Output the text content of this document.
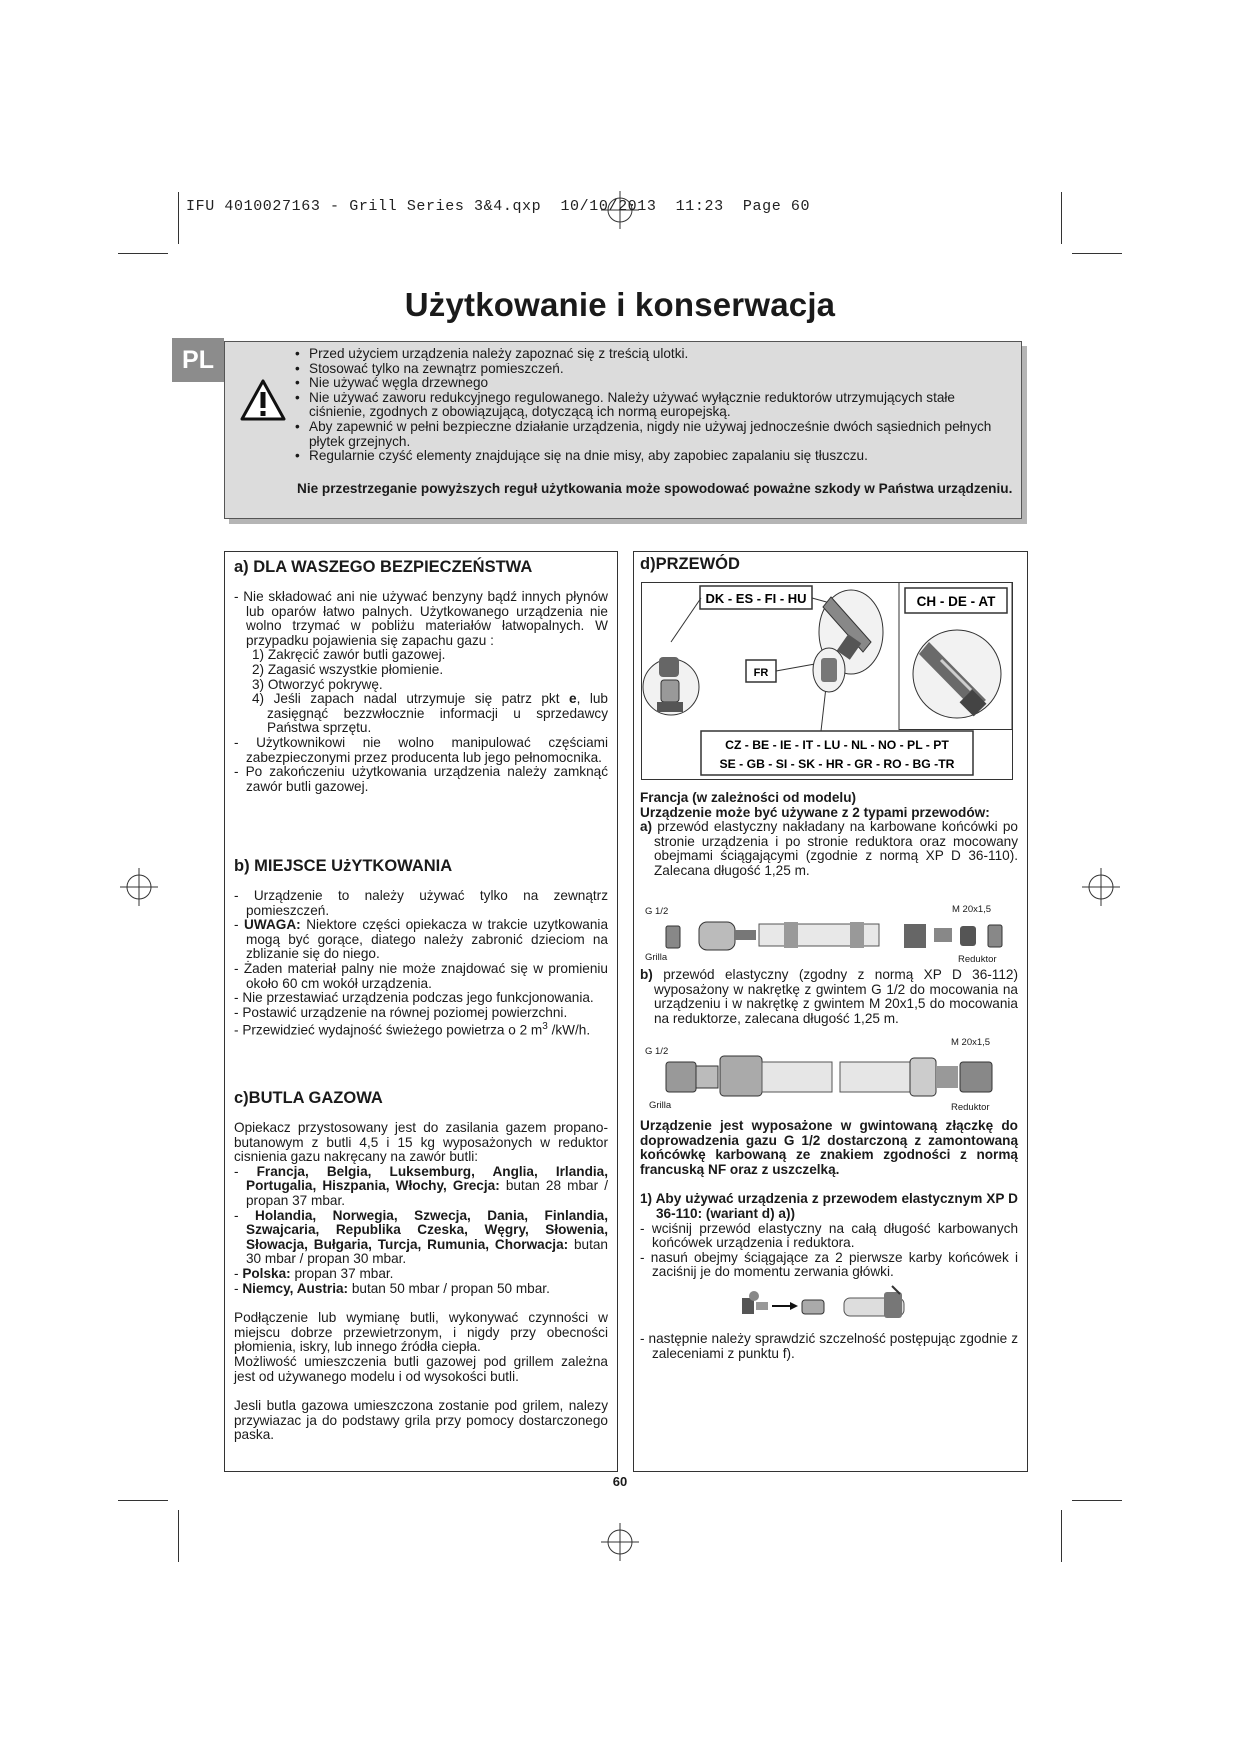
IFU 4010027163 - Grill Series 3&4.qxp  10/10/2013  11:23  Page 60
Użytkowanie i konserwacja
PL
•	Przed użyciem urządzenia należy zapoznać się z treścią ulotki.
• Stosować tylko na zewnątrz pomieszczeń.
• Nie używać węgla drzewnego
• Nie używać zaworu redukcyjnego regulowanego. Należy używać wyłącznie reduktorów utrzymujących stałe ciśnienie, zgodnych z obowiązującą, dotyczącą ich normą europejską.
• Aby zapewnić w pełni bezpieczne działanie urządzenia, nigdy nie używaj jednocześnie dwóch sąsiednich pełnych płytek grzejnych.
• Regularnie czyść elementy znajdujące się na dnie misy, aby zapobiec zapalaniu się tłuszczu.
Nie przestrzeganie powyższych reguł użytkowania może spowodować poważne szkody w Państwa urządzeniu.
a) DLA WASZEGO BEZPIECZEŃSTWA

- Nie składować ani nie używać benzyny bądź innych płynów lub oparów łatwo palnych. Użytkowanego urządzenia nie wolno trzymać w pobliżu materiałów łatwopalnych. W przypadku pojawienia się zapachu gazu :

1) Zakręcić zawór butli gazowej.

2) Zagasić wszystkie płomienie.

3) Otworzyć pokrywę.

4) Jeśli zapach nadal utrzymuje się patrz pkt e, lub zasięgnąć bezzwłocznie informacji u sprzedawcy Państwa sprzętu.

- Użytkownikowi nie wolno manipulować częściami zabezpieczonymi przez producenta lub jego pełnomocnika.

- Po zakończeniu użytkowania urządzenia należy zamknąć zawór butli gazowej.

b) MIEJSCE UżYTKOWANIA

- Urządzenie to należy używać tylko na zewnątrz pomieszczeń.

- UWAGA: Niektore części opiekacza w trakcie uzytkowania mogą być gorące, diatego należy zabronić dzieciom na zblizanie się do niego.

- Żaden materiał palny nie może znajdować się w promieniu około 60 cm wokół urządzenia.

- Nie przestawiać urządzenia podczas jego funkcjonowania.

- Postawić urządzenie na równej poziomej powierzchni.

- Przewidzieć wydajność świeżego powietrza o 2 $m^3$ /kW/h.

c)BUTLA GAZOWA

Opiekacz przystosowany jest do zasilania gazem propano-butanowym z butli 4,5 i 15 kg wyposażonych w reduktor cisnienia gazu nakręcany na zawór butli:

- Francja, Belgia, Luksemburg, Anglia, Irlandia, Portugalia, Hiszpania, Włochy, Grecja: butan 28 mbar / propan 37 mbar.

- Holandia, Norwegia, Szwecja, Dania, Finlandia, Szwajcaria, Republika Czeska, Węgry, Słowenia, Słowacja, Bułgaria, Turcja, Rumunia, Chorwacja: butan 30 mbar / propan 30 mbar.

- Polska: propan 37 mbar.

- Niemcy, Austria: butan 50 mbar / propan 50 mbar.

Podłączenie lub wymianę butli, wykonywać czynności w miejscu dobrze przewietrzonym, i nigdy przy obecności płomienia, iskry, lub innego źródła ciepła.

Możliwość umieszczenia butli gazowej pod grillem zależna jest od używanego modelu i od wysokości butli.

Jesli butla gazowa umieszczona zostanie pod grilem, nalezy przywiazac ja do podstawy grila przy pomocy dostarczonego paska.

d)PRZEWÓD
DK - ES - FI - HU	CH - DE - AT
FR
CZ - BE - IE - IT - LU - NL - NO - PL - PT
SE - GB - SI - SK - HR - GR - RO - BG -TR

Francja (w zależności od modelu)

Urządzenie może być używane z 2 typami przewodów:

a) przewód elastyczny nakładany na karbowane końcówki po stronie urządzenia i po stronie reduktora oraz mocowany obejmami ściągającymi (zgodnie z normą XP D 36-110). Zalecana długość 1,25 m.

G 1/2	M 20x1,5
Grilla	Reduktor

b) przewód elastyczny (zgodny z normą XP D 36-112) wyposażony w nakrętkę z gwintem G 1/2 do mocowania na urządzeniu i w nakrętkę z gwintem M 20x1,5 do mocowania na reduktorze, zalecana długość 1,25 m.

G 1/2
M 20x1,5
Grilla	Reduktor

Urządzenie jest wyposażone w gwintowaną złączkę do doprowadzenia gazu G 1/2 dostarczoną z zamontowaną końcówkę karbowaną ze znakiem zgodności z normą francuską NF oraz z uszczelką.

1) Aby używać urządzenia z przewodem elastycznym XP D 36-110: (wariant d) a))

- wciśnij przewód elastyczny na całą długość karbowanych końcówek urządzenia i reduktora.

- nasuń obejmy ściągające za 2 pierwsze karby końcówek i zaciśnij je do momentu zerwania główki.

- następnie należy sprawdzić szczelność postępując zgodnie z zaleceniami z punktu f).

60
